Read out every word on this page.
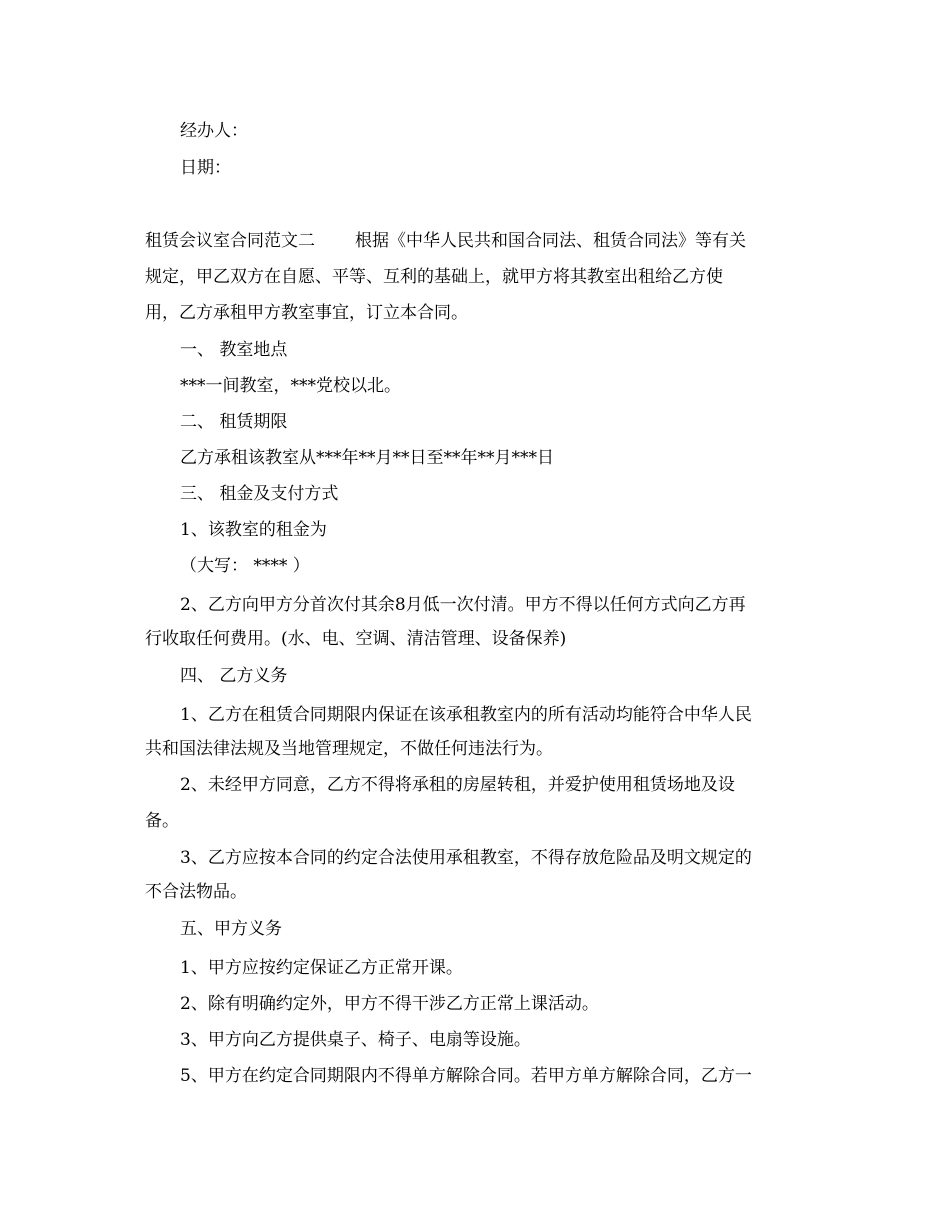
经办人：
日期：
租赁会议室合同范文二 根据《中华人民共和国合同法、租赁合同法》等有关
规定，甲乙双方在自愿、平等、互利的基础上，就甲方将其教室出租给乙方使
用，乙方承租甲方教室事宜，订立本合同。
一、 教室地点
***一间教室，***党校以北。
二、 租赁期限
乙方承租该教室从***年**月**日至**年**月***日
三、 租金及支付方式
1、该教室的租金为
（大写： **** ）
2、乙方向甲方分首次付其余8月低一次付清。甲方不得以任何方式向乙方再
行收取任何费用。(水、电、空调、清洁管理、设备保养)
四、 乙方义务
1、乙方在租赁合同期限内保证在该承租教室内的所有活动均能符合中华人民
共和国法律法规及当地管理规定，不做任何违法行为。
2、未经甲方同意，乙方不得将承租的房屋转租，并爱护使用租赁场地及设
备。
3、乙方应按本合同的约定合法使用承租教室，不得存放危险品及明文规定的
不合法物品。
五、甲方义务
1、甲方应按约定保证乙方正常开课。
2、除有明确约定外，甲方不得干涉乙方正常上课活动。
3、甲方向乙方提供桌子、椅子、电扇等设施。
5、甲方在约定合同期限内不得单方解除合同。若甲方单方解除合同，乙方一
